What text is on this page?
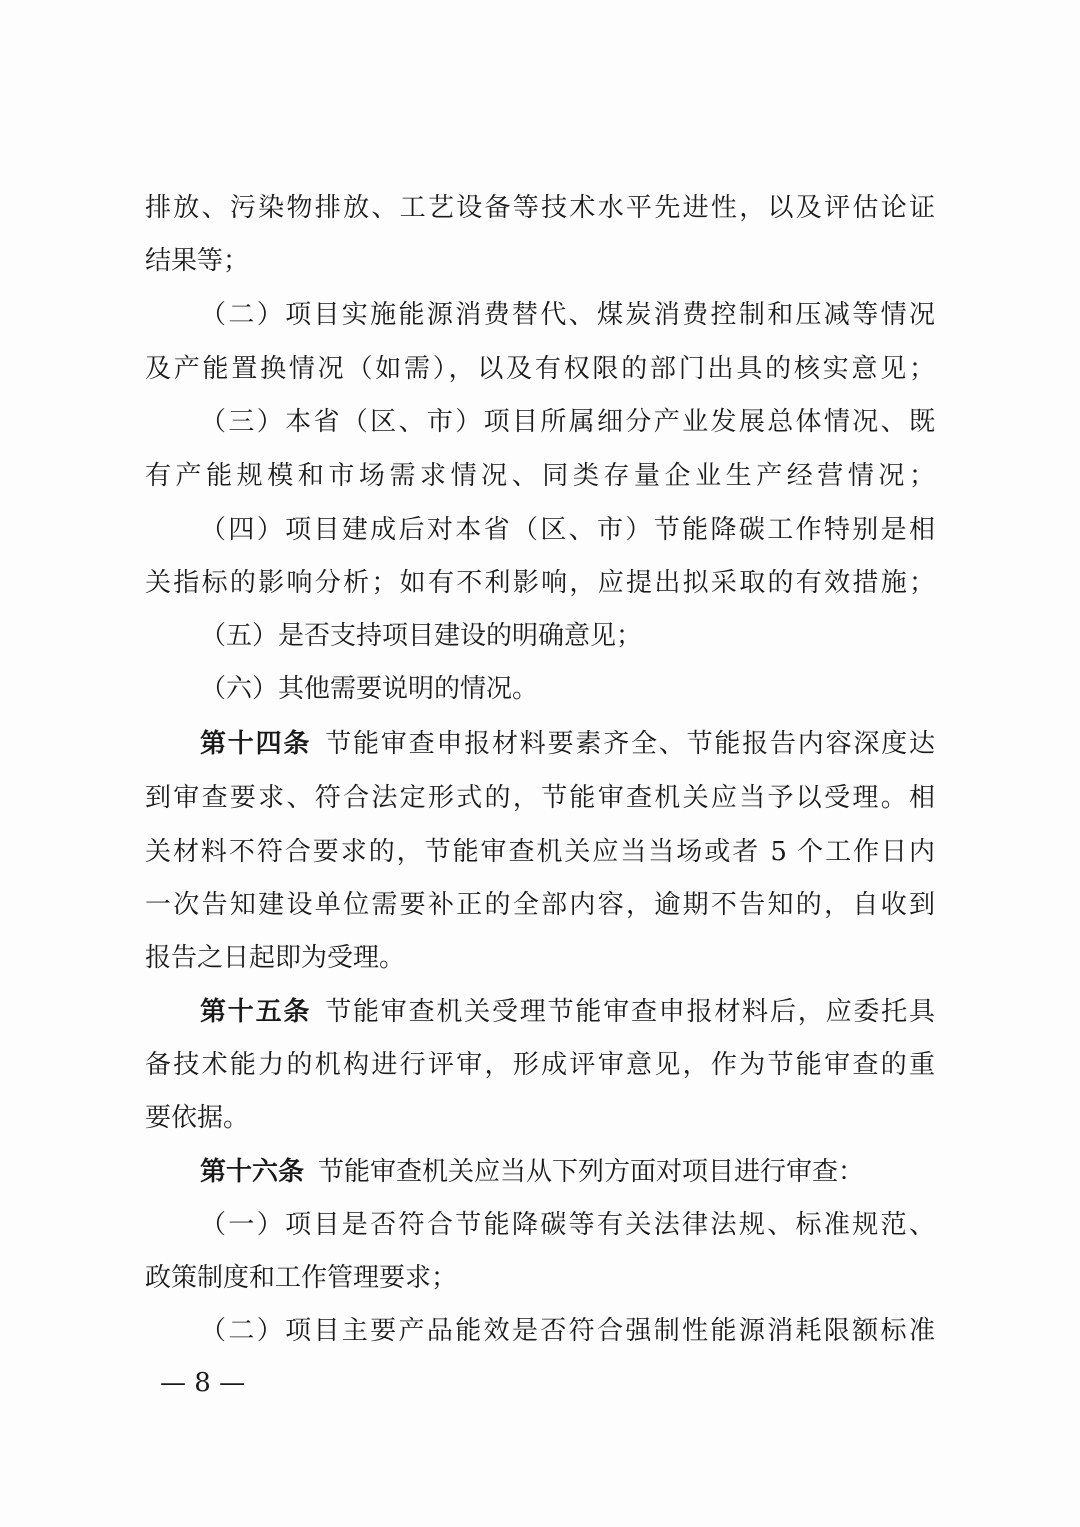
排放、污染物排放、工艺设备等技术水平先进性，以及评估论证
结果等；
（二）项目实施能源消费替代、煤炭消费控制和压减等情况
及产能置换情况（如需），以及有权限的部门出具的核实意见；
（三）本省（区、市）项目所属细分产业发展总体情况、既
有产能规模和市场需求情况、同类存量企业生产经营情况；
（四）项目建成后对本省（区、市）节能降碳工作特别是相
关指标的影响分析；如有不利影响，应提出拟采取的有效措施；
（五）是否支持项目建设的明确意见；
（六）其他需要说明的情况。
第十四条 节能审查申报材料要素齐全、节能报告内容深度达
到审查要求、符合法定形式的，节能审查机关应当予以受理。相
关材料不符合要求的，节能审查机关应当当场或者 5 个工作日内
一次告知建设单位需要补正的全部内容，逾期不告知的，自收到
报告之日起即为受理。
第十五条 节能审查机关受理节能审查申报材料后，应委托具
备技术能力的机构进行评审，形成评审意见，作为节能审查的重
要依据。
第十六条 节能审查机关应当从下列方面对项目进行审查：
（一）项目是否符合节能降碳等有关法律法规、标准规范、
政策制度和工作管理要求；
（二）项目主要产品能效是否符合强制性能源消耗限额标准
— 8 —
